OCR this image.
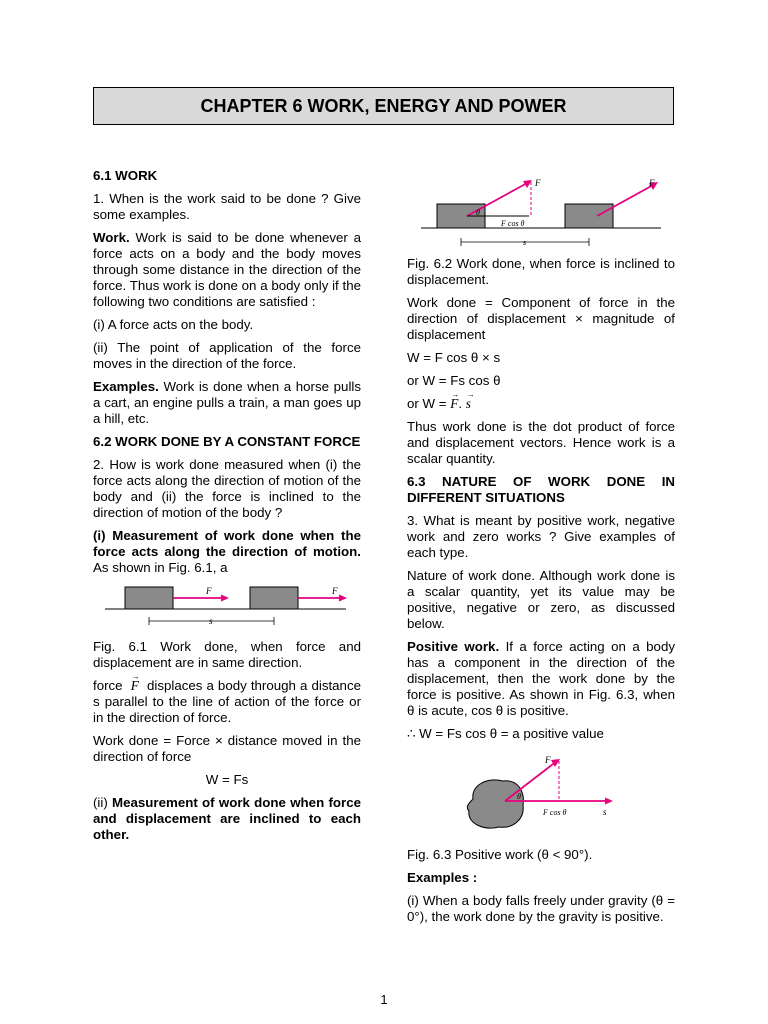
CHAPTER 6 WORK, ENERGY AND POWER

6.1 WORK

1. When is the work said to be done ? Give some examples.

Work. Work is said to be done whenever a force acts on a body and the body moves through some distance in the direction of the force. Thus work is done on a body only if the following two conditions are satisfied :

(i) A force acts on the body.

(ii) The point of application of the force moves in the direction of the force.

Examples. Work is done when a horse pulls a cart, an engine pulls a train, a man goes up a hill, etc.

6.2 WORK DONE BY A CONSTANT FORCE

2. How is work done measured when (i) the force acts along the direction of motion of the body and (ii) the force is inclined to the direction of motion of the body ?

(i) Measurement of work done when the force acts along the direction of motion. As shown in Fig. 6.1, a

F	F
s

Fig. 6.1 Work done, when force and displacement are in same direction.

force → F displaces a body through a distance s parallel to the line of action of the force or in the direction of force.

Work done = Force × distance moved in the direction of force

W = Fs

(ii) Measurement of work done when force and displacement are inclined to each other.

θ
F cos θ
F	F
s

Fig. 6.2 Work done, when force is inclined to displacement.

Work done = Component of force in the direction of displacement × magnitude of displacement

W = F cos θ × s

or W = Fs cos θ

or W = → F. → s

Thus work done is the dot product of force and displacement vectors. Hence work is a scalar quantity.

6.3 NATURE OF WORK DONE IN DIFFERENT SITUATIONS

3. What is meant by positive work, negative work and zero works ? Give examples of each type.

Nature of work done. Although work done is a scalar quantity, yet its value may be positive, negative or zero, as discussed below.

Positive work. If a force acting on a body has a component in the direction of the displacement, then the work done by the force is positive. As shown in Fig. 6.3, when θ is acute, cos θ is positive.

∴ W = Fs cos θ = a positive value

θ
F
F cos θ	s

Fig. 6.3 Positive work (θ < 90°).

Examples :

(i) When a body falls freely under gravity (θ = 0°), the work done by the gravity is positive.

1
